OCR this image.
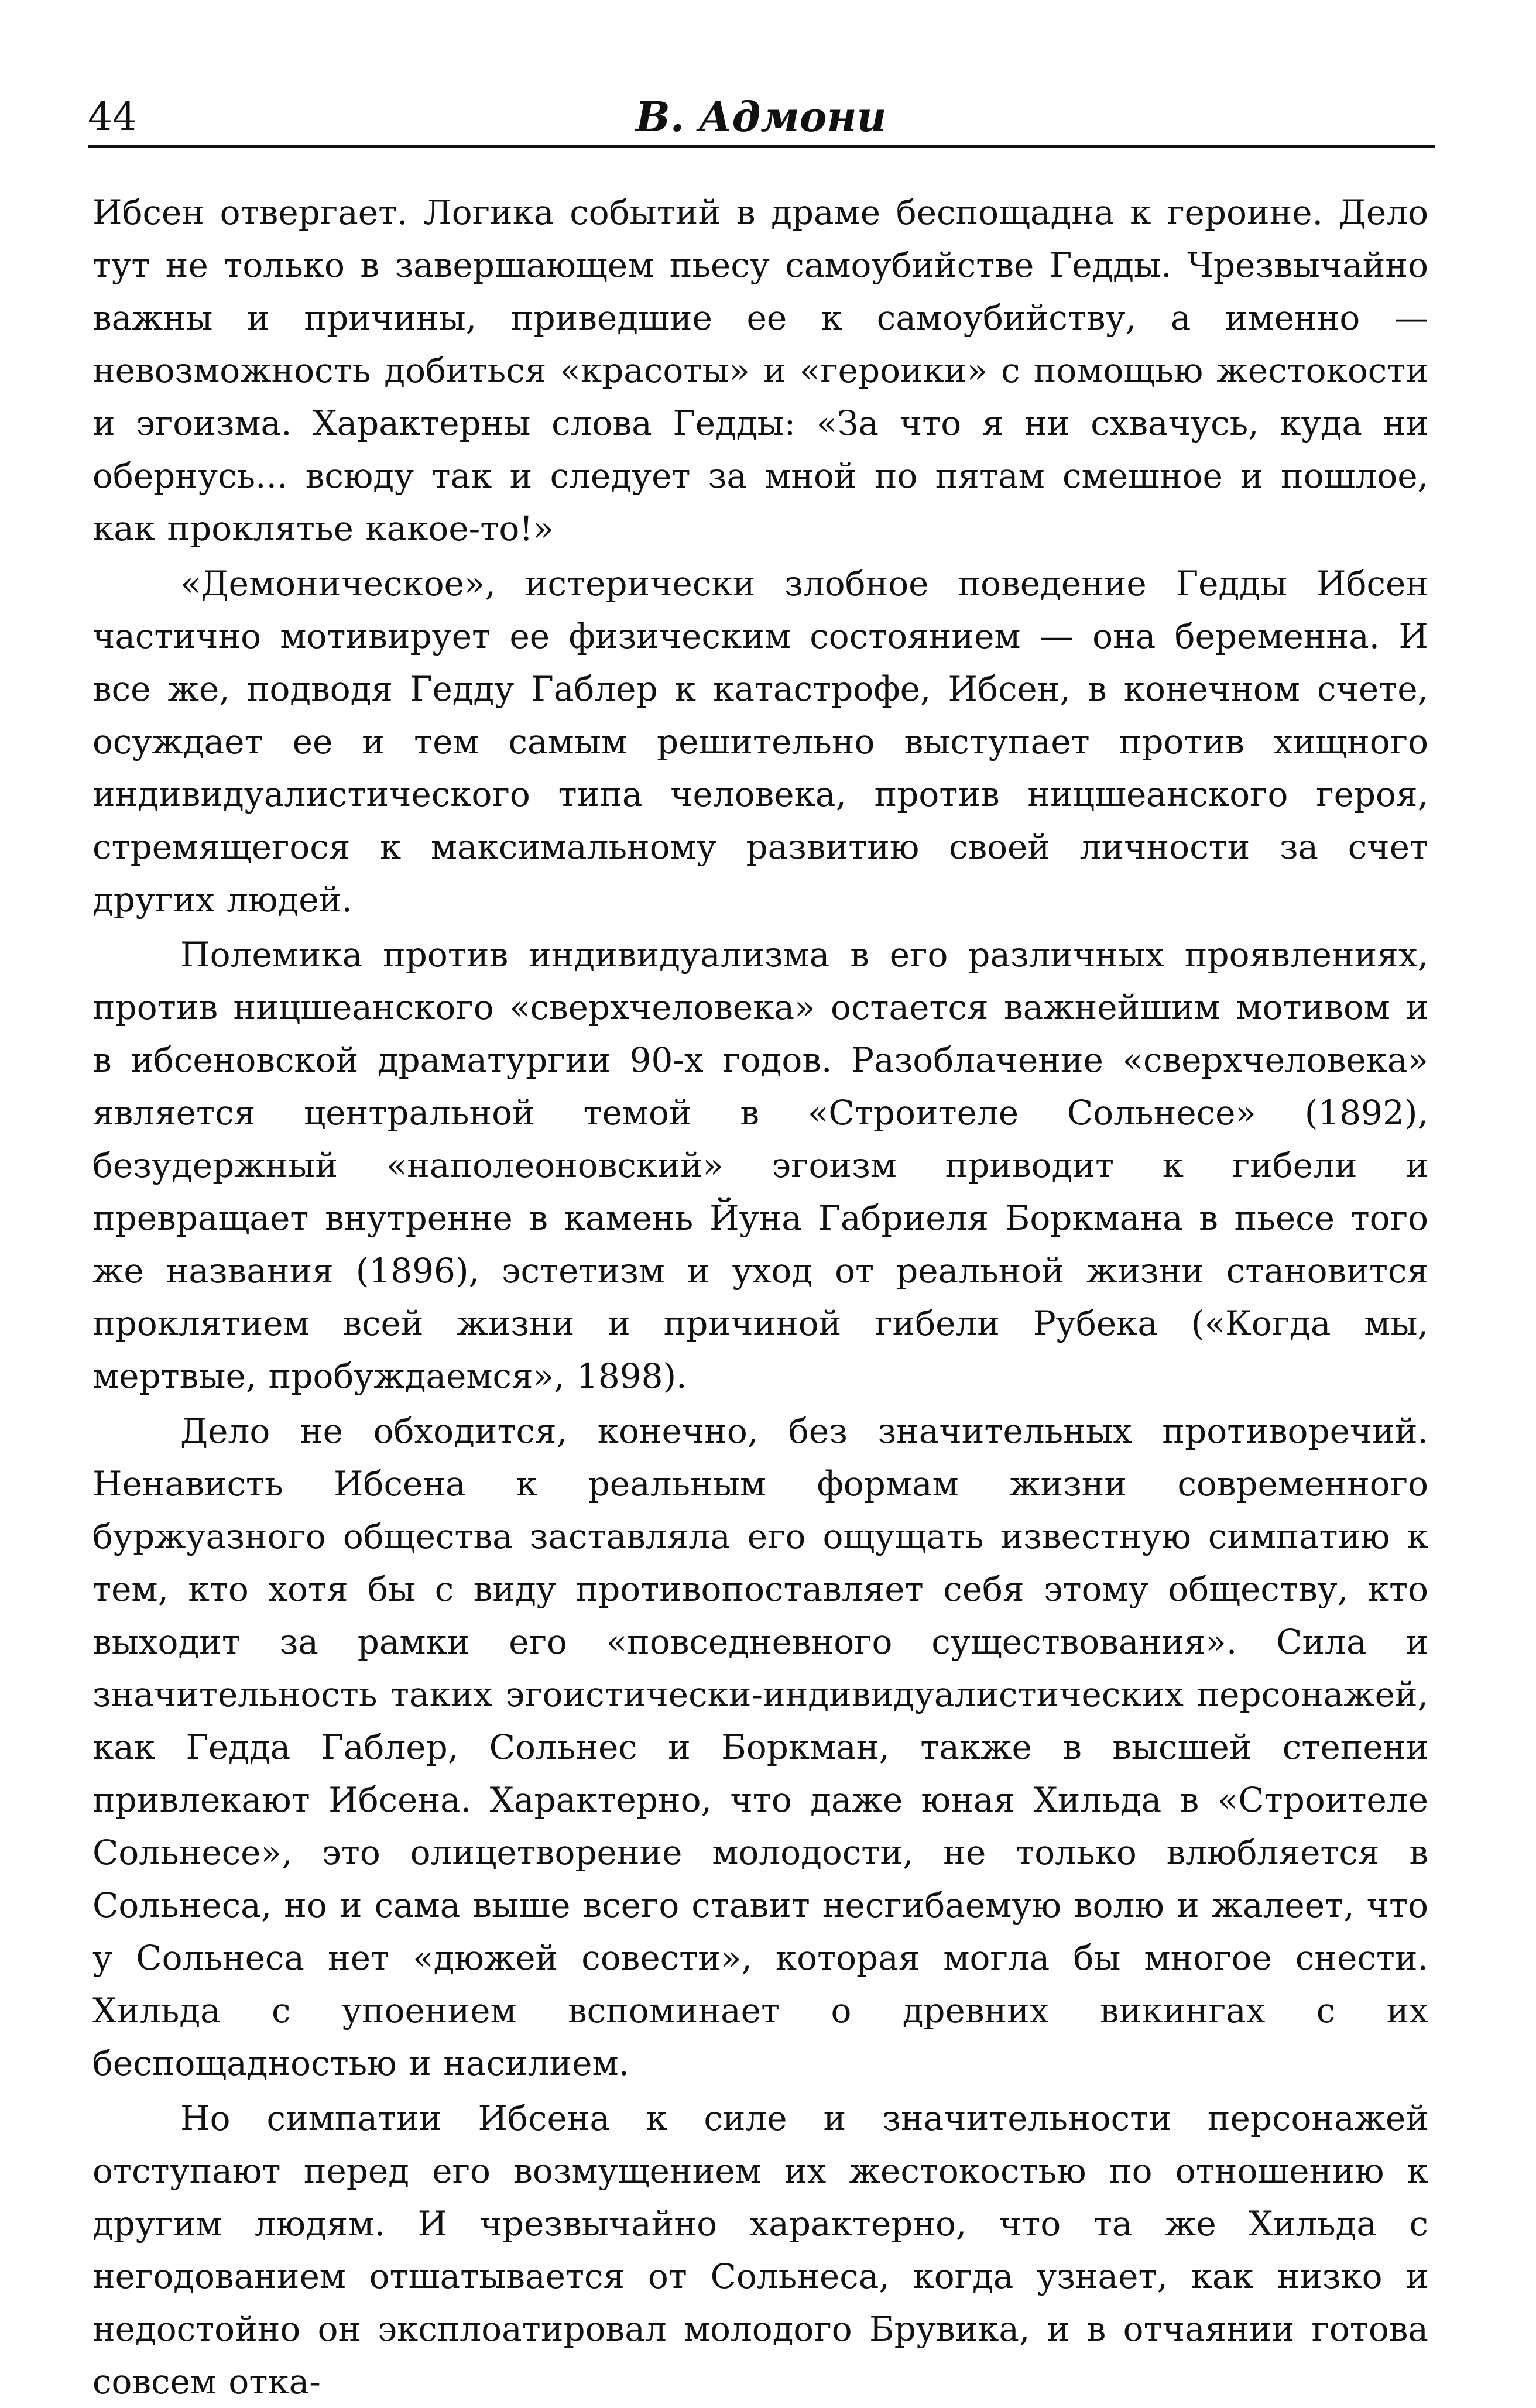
44	В. Адмони

Ибсен отвергает. Логика событий в драме беспощадна к героине. Дело тут не только в завершающем пьесу самоубийстве Гедды. Чрезвычайно важны и причины, приведшие ее к самоубийству, а именно — невозможность добиться «красоты» и «героики» с помощью жестокости и эгоизма. Характерны слова Гедды: «За что я ни схвачусь, куда ни обернусь... всюду так и следует за мной по пятам смешное и пошлое, как проклятье какое-то!»

«Демоническое», истерически злобное поведение Гедды Ибсен частично мотивирует ее физическим состоянием — она беременна. И все же, подводя Гедду Габлер к катастрофе, Ибсен, в конечном счете, осуждает ее и тем самым решительно выступает против хищного индивидуалистического типа человека, против ницшеанского героя, стремящегося к максимальному развитию своей личности за счет других людей.

Полемика против индивидуализма в его различных проявлениях, против ницшеанского «сверхчеловека» остается важнейшим мотивом и в ибсеновской драматургии 90-х годов. Разоблачение «сверхчеловека» является центральной темой в «Строителе Сольнесе» (1892), безудержный «наполеоновский» эгоизм приводит к гибели и превращает внутренне в камень Йуна Габриеля Боркмана в пьесе того же названия (1896), эстетизм и уход от реальной жизни становится проклятием всей жизни и причиной гибели Рубека («Когда мы, мертвые, пробуждаемся», 1898).

Дело не обходится, конечно, без значительных противоречий. Ненависть Ибсена к реальным формам жизни современного буржуазного общества заставляла его ощущать известную симпатию к тем, кто хотя бы с виду противопоставляет себя этому обществу, кто выходит за рамки его «повседневного существования». Сила и значительность таких эгоистически-индивидуалистических персонажей, как Гедда Габлер, Сольнес и Боркман, также в высшей степени привлекают Ибсена. Характерно, что даже юная Хильда в «Строителе Сольнесе», это олицетворение молодости, не только влюбляется в Сольнеса, но и сама выше всего ставит несгибаемую волю и жалеет, что у Сольнеса нет «дюжей совести», которая могла бы многое снести. Хильда с упоением вспоминает о древних викингах с их беспощадностью и насилием.

Но симпатии Ибсена к силе и значительности персонажей отступают перед его возмущением их жестокостью по отношению к другим людям. И чрезвычайно характерно, что та же Хильда с негодованием отшатывается от Сольнеса, когда узнает, как низко и недостойно он эксплоатировал молодого Брувика, и в отчаянии готова совсем отка-
